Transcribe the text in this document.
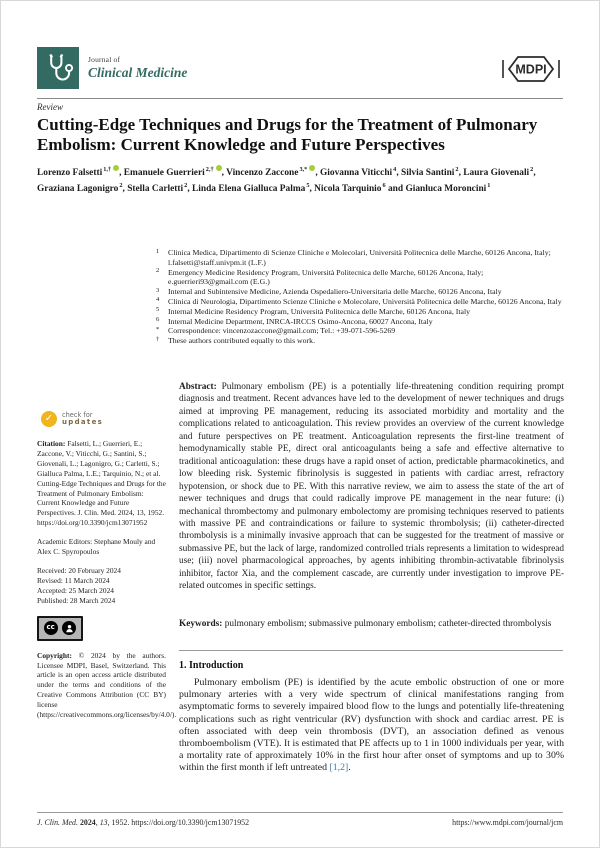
Journal of
Clinical Medicine	MDPI
Review
Cutting-Edge Techniques and Drugs for the Treatment of Pulmonary Embolism: Current Knowledge and Future Perspectives

Lorenzo Falsetti$^{1,\dagger}$ , Emanuele Guerrieri$^{2,\dagger}$ , Vincenzo Zaccone$^{3,*}$ , Giovanna Viticchi$^4$, Silvia Santini$^2$, Laura Giovenali$^2$, Graziana Lagonigro$^2$, Stella Carletti$^2$, Linda Elena Gialluca Palma$^5$, Nicola Tarquinio$^6$ and Gianluca Moroncini$^1$

1	Clinica Medica, Dipartimento di Scienze Cliniche e Molecolari, Università Politecnica delle Marche, 60126 Ancona, Italy; l.falsetti@staff.univpm.it (L.F.)
2	Emergency Medicine Residency Program, Università Politecnica delle Marche, 60126 Ancona, Italy; e.guerrieri93@gmail.com (E.G.)
3	Internal and Subintensive Medicine, Azienda Ospedaliero-Universitaria delle Marche, 60126 Ancona, Italy
4	Clinica di Neurologia, Dipartimento Scienze Cliniche e Molecolare, Università Politecnica delle Marche, 60126 Ancona, Italy
5	Internal Medicine Residency Program, Università Politecnica delle Marche, 60126 Ancona, Italy
6	Internal Medicine Department, INRCA-IRCCS Osimo-Ancona, 60027 Ancona, Italy
*	Correspondence: vincenzozaccone@gmail.com; Tel.: +39-071-596-5269
†	These authors contributed equally to this work.
Abstract: Pulmonary embolism (PE) is a potentially life-threatening condition requiring prompt diagnosis and treatment. Recent advances have led to the development of newer techniques and drugs aimed at improving PE management, reducing its associated morbidity and mortality and the complications related to anticoagulation. This review provides an overview of the current knowledge and future perspectives on PE treatment. Anticoagulation represents the first-line treatment of hemodynamically stable PE, direct oral anticoagulants being a safe and effective alternative to traditional anticoagulation: these drugs have a rapid onset of action, predictable pharmacokinetics, and low bleeding risk. Systemic fibrinolysis is suggested in patients with cardiac arrest, refractory hypotension, or shock due to PE. With this narrative review, we aim to assess the state of the art of newer techniques and drugs that could radically improve PE management in the near future: (i) mechanical thrombectomy and pulmonary embolectomy are promising techniques reserved to patients with massive PE and contraindications or failure to systemic thrombolysis; (ii) catheter-directed thrombolysis is a minimally invasive approach that can be suggested for the treatment of massive or submassive PE, but the lack of large, randomized controlled trials represents a limitation to widespread use; (iii) novel pharmacological approaches, by agents inhibiting thrombin-activatable fibrinolysis inhibitor, factor Xia, and the complement cascade, are currently under investigation to improve PE-related outcomes in specific settings.
Keywords: pulmonary embolism; submassive pulmonary embolism; catheter-directed thrombolysis
1. Introduction

Pulmonary embolism (PE) is identified by the acute embolic obstruction of one or more pulmonary arteries with a very wide spectrum of clinical manifestations ranging from asymptomatic forms to severely impaired blood flow to the lungs and potentially life-threatening complications such as right ventricular (RV) dysfunction with shock and cardiac arrest. PE is often associated with deep vein thrombosis (DVT), an association defined as venous thromboembolism (VTE). It is estimated that PE affects up to 1 in 1000 individuals per year, with a mortality rate of approximately 10% in the first hour after onset of symptoms and up to 30% within the first month if left untreated [1,2].

✓	check for
updates

Citation: Falsetti, L.; Guerrieri, E.; Zaccone, V.; Viticchi, G.; Santini, S.; Giovenali, L.; Lagonigro, G.; Carletti, S.; Gialluca Palma, L.E.; Tarquinio, N.; et al. Cutting-Edge Techniques and Drugs for the Treatment of Pulmonary Embolism: Current Knowledge and Future Perspectives. J. Clin. Med. 2024, 13, 1952. https://doi.org/10.3390/jcm13071952

Academic Editors: Stephane Mouly and Alex C. Spyropoulos

Received: 20 February 2024
Revised: 11 March 2024
Accepted: 25 March 2024
Published: 28 March 2024
cc

Copyright: © 2024 by the authors. Licensee MDPI, Basel, Switzerland. This article is an open access article distributed under the terms and conditions of the Creative Commons Attribution (CC BY) license (https://creativecommons.org/licenses/by/4.0/).

J. Clin. Med. 2024, 13, 1952. https://doi.org/10.3390/jcm13071952	https://www.mdpi.com/journal/jcm
